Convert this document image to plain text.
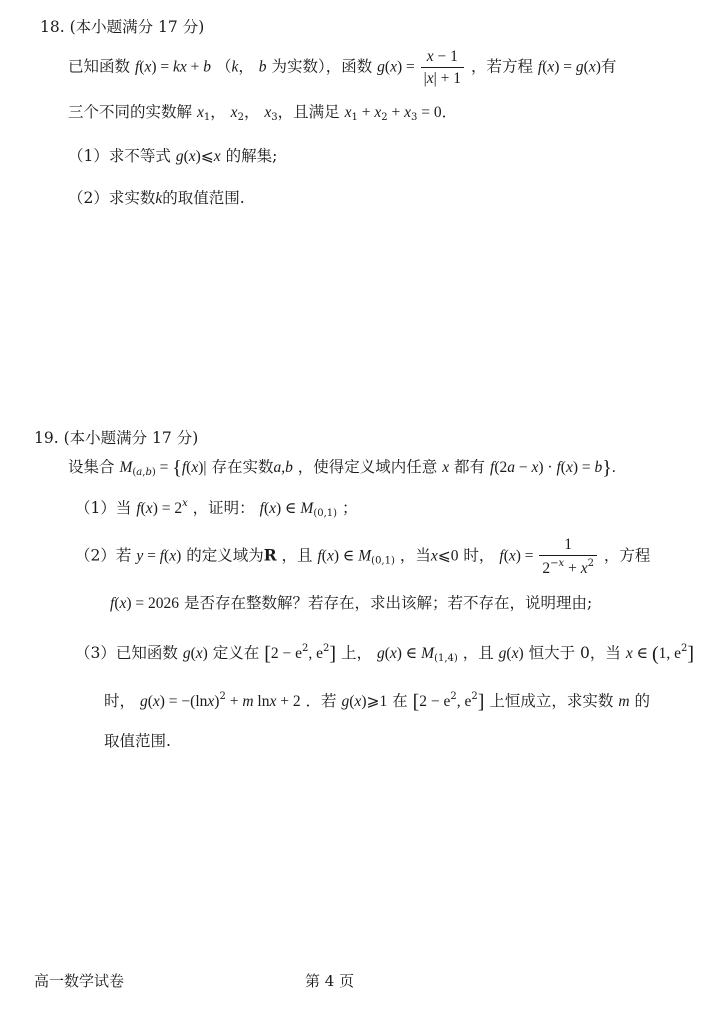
18. (本小题满分 17 分)
已知函数 f(x) = kx + b （k， b 为实数），函数 $g(x) = \frac{x - 1}{|x| + 1}$ ，若方程 f(x) = g(x)有
三个不同的实数解 $x_1$， $x_2$， $x_3$，且满足 $x_1 + x_2 + x_3 = 0$．
（1）求不等式 g(x)⩽x 的解集;
（2）求实数k的取值范围.
19. (本小题满分 17 分)
设集合 $M_{(a,b)} = \{f(x)|$ 存在实数a,b ，使得定义域内任意 x 都有 f(2a − x) · f(x) = b}.
（1）当 $f(x) = 2^x$ ，证明： f(x) ∈ $M_{(0,1)}$ ；
（2）若 y = f(x) 的定义域为R ，且 f(x) ∈ $M_{(0,1)}$ ，当x⩽0 时， $f(x) = \frac{1}{2^{-x} + x^2}$ ，方程
f(x) = 2026 是否存在整数解？若存在，求出该解；若不存在，说明理由;
（3）已知函数 g(x) 定义在 [$2 - e^2$, $e^2$] 上， g(x) ∈ $M_{(1,4)}$ ，且 g(x) 恒大于 0，当 x ∈ (1, $e^2$]
时， $g(x) = -(\ln x)^2 + m$ lnx + 2 ．若 g(x)⩾1 在 [$2 - e^2$, $e^2$] 上恒成立，求实数 m 的
取值范围.
高一数学试卷	第 4 页
